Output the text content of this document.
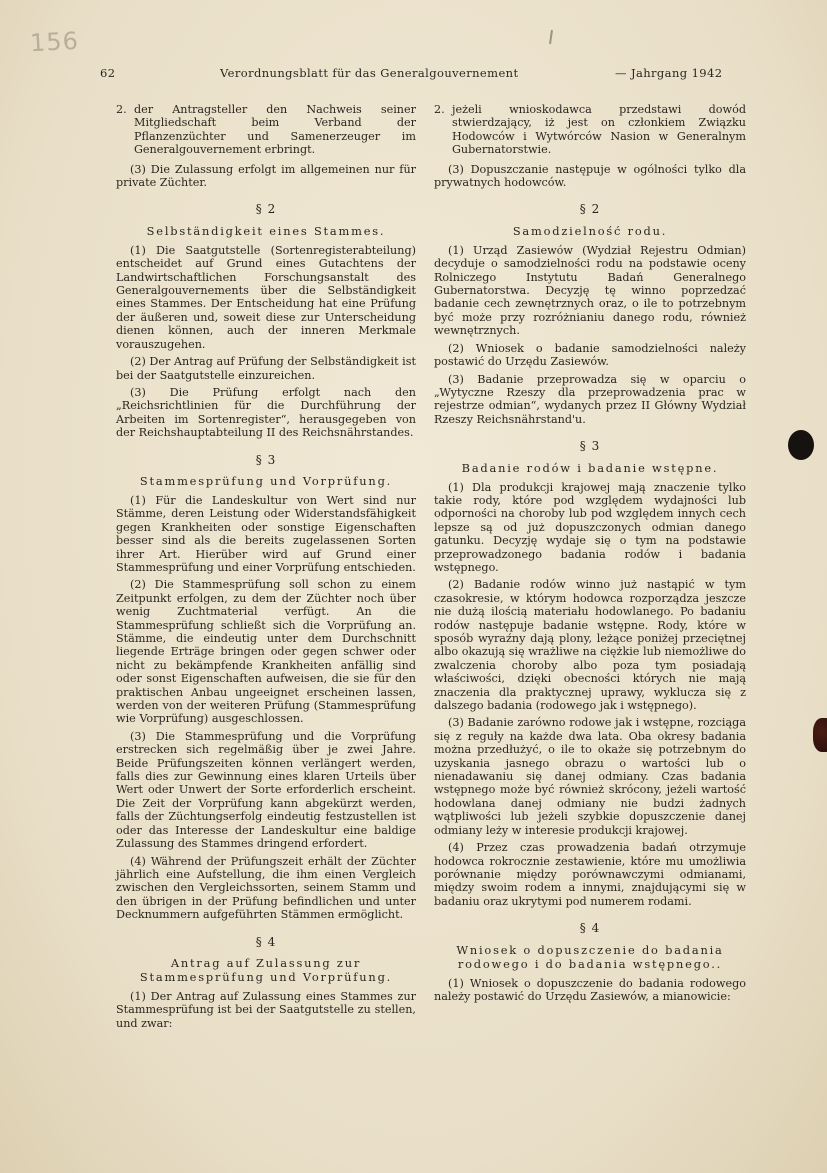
156
62	Verordnungsblatt für das Generalgouvernement	— Jahrgang 1942

2. der Antragsteller den Nachweis seiner Mitgliedschaft beim Verband der Pflanzenzüchter und Samenerzeuger im Generalgouvernement erbringt.

(3) Die Zulassung erfolgt im allgemeinen nur für private Züchter.

§ 2
Selbständigkeit eines Stammes.

(1) Die Saatgutstelle (Sortenregisterabteilung) entscheidet auf Grund eines Gutachtens der Landwirtschaftlichen Forschungsanstalt des Generalgouvernements über die Selbständigkeit eines Stammes. Der Entscheidung hat eine Prüfung der äußeren und, soweit diese zur Unterscheidung dienen können, auch der inneren Merkmale vorauszugehen.

(2) Der Antrag auf Prüfung der Selbständigkeit ist bei der Saatgutstelle einzureichen.

(3) Die Prüfung erfolgt nach den „Reichsrichtlinien für die Durchführung der Arbeiten im Sortenregister“, herausgegeben von der Reichshauptabteilung II des Reichsnährstandes.

§ 3
Stammesprüfung und Vorprüfung.

(1) Für die Landeskultur von Wert sind nur Stämme, deren Leistung oder Widerstandsfähigkeit gegen Krankheiten oder sonstige Eigenschaften besser sind als die bereits zugelassenen Sorten ihrer Art. Hierüber wird auf Grund einer Stammesprüfung und einer Vorprüfung entschieden.

(2) Die Stammesprüfung soll schon zu einem Zeitpunkt erfolgen, zu dem der Züchter noch über wenig Zuchtmaterial verfügt. An die Stammesprüfung schließt sich die Vorprüfung an. Stämme, die eindeutig unter dem Durchschnitt liegende Erträge bringen oder gegen schwer oder nicht zu bekämpfende Krankheiten anfällig sind oder sonst Eigenschaften aufweisen, die sie für den praktischen Anbau ungeeignet erscheinen lassen, werden von der weiteren Prüfung (Stammesprüfung wie Vorprüfung) ausgeschlossen.

(3) Die Stammesprüfung und die Vorprüfung erstrecken sich regelmäßig über je zwei Jahre. Beide Prüfungszeiten können verlängert werden, falls dies zur Gewinnung eines klaren Urteils über Wert oder Unwert der Sorte erforderlich erscheint. Die Zeit der Vorprüfung kann abgekürzt werden, falls der Züchtungserfolg eindeutig festzustellen ist oder das Interesse der Landeskultur eine baldige Zulassung des Stammes dringend erfordert.

(4) Während der Prüfungszeit erhält der Züchter jährlich eine Aufstellung, die ihm einen Vergleich zwischen den Vergleichssorten, seinem Stamm und den übrigen in der Prüfung befindlichen und unter Decknummern aufgeführten Stämmen ermöglicht.

§ 4
Antrag auf Zulassung zur Stammesprüfung und Vorprüfung.

(1) Der Antrag auf Zulassung eines Stammes zur Stammesprüfung ist bei der Saatgutstelle zu stellen, und zwar:

2. jeżeli wnioskodawca przedstawi dowód stwierdzający, iż jest on członkiem Związku Hodowców i Wytwórców Nasion w Generalnym Gubernatorstwie.

(3) Dopuszczanie następuje w ogólności tylko dla prywatnych hodowców.

§ 2
Samodzielność rodu.

(1) Urząd Zasiewów (Wydział Rejestru Odmian) decyduje o samodzielności rodu na podstawie oceny Rolniczego Instytutu Badań Generalnego Gubernatorstwa. Decyzję tę winno poprzedzać badanie cech zewnętrznych oraz, o ile to potrzebnym być może przy rozróżnianiu danego rodu, również wewnętrznych.

(2) Wniosek o badanie samodzielności należy postawić do Urzędu Zasiewów.

(3) Badanie przeprowadza się w oparciu o „Wytyczne Rzeszy dla przeprowadzenia prac w rejestrze odmian“, wydanych przez II Główny Wydział Rzeszy Reichsnährstand'u.

§ 3
Badanie rodów i badanie wstępne.

(1) Dla produkcji krajowej mają znaczenie tylko takie rody, które pod względem wydajności lub odporności na choroby lub pod względem innych cech lepsze są od już dopuszczonych odmian danego gatunku. Decyzję wydaje się o tym na podstawie przeprowadzonego badania rodów i badania wstępnego.

(2) Badanie rodów winno już nastąpić w tym czasokresie, w którym hodowca rozporządza jeszcze nie dużą ilością materiału hodowlanego. Po badaniu rodów następuje badanie wstępne. Rody, które w sposób wyraźny dają plony, leżące poniżej przeciętnej albo okazują się wrażliwe na ciężkie lub niemożliwe do zwalczenia choroby albo poza tym posiadają właściwości, dzięki obecności których nie mają znaczenia dla praktycznej uprawy, wyklucza się z dalszego badania (rodowego jak i wstępnego).

(3) Badanie zarówno rodowe jak i wstępne, rozciąga się z reguły na każde dwa lata. Oba okresy badania można przedłużyć, o ile to okaże się potrzebnym do uzyskania jasnego obrazu o wartości lub o nienadawaniu się danej odmiany. Czas badania wstępnego może być również skrócony, jeżeli wartość hodowlana danej odmiany nie budzi żadnych wątpliwości lub jeżeli szybkie dopuszczenie danej odmiany leży w interesie produkcji krajowej.

(4) Przez czas prowadzenia badań otrzymuje hodowca rokrocznie zestawienie, które mu umożliwia porównanie między porównawczymi odmianami, między swoim rodem a innymi, znajdującymi się w badaniu oraz ukrytymi pod numerem rodami.

§ 4
Wniosek o dopuszczenie do badania rodowego i do badania wstępnego..

(1) Wniosek o dopuszczenie do badania rodowego należy postawić do Urzędu Zasiewów, a mianowicie:
